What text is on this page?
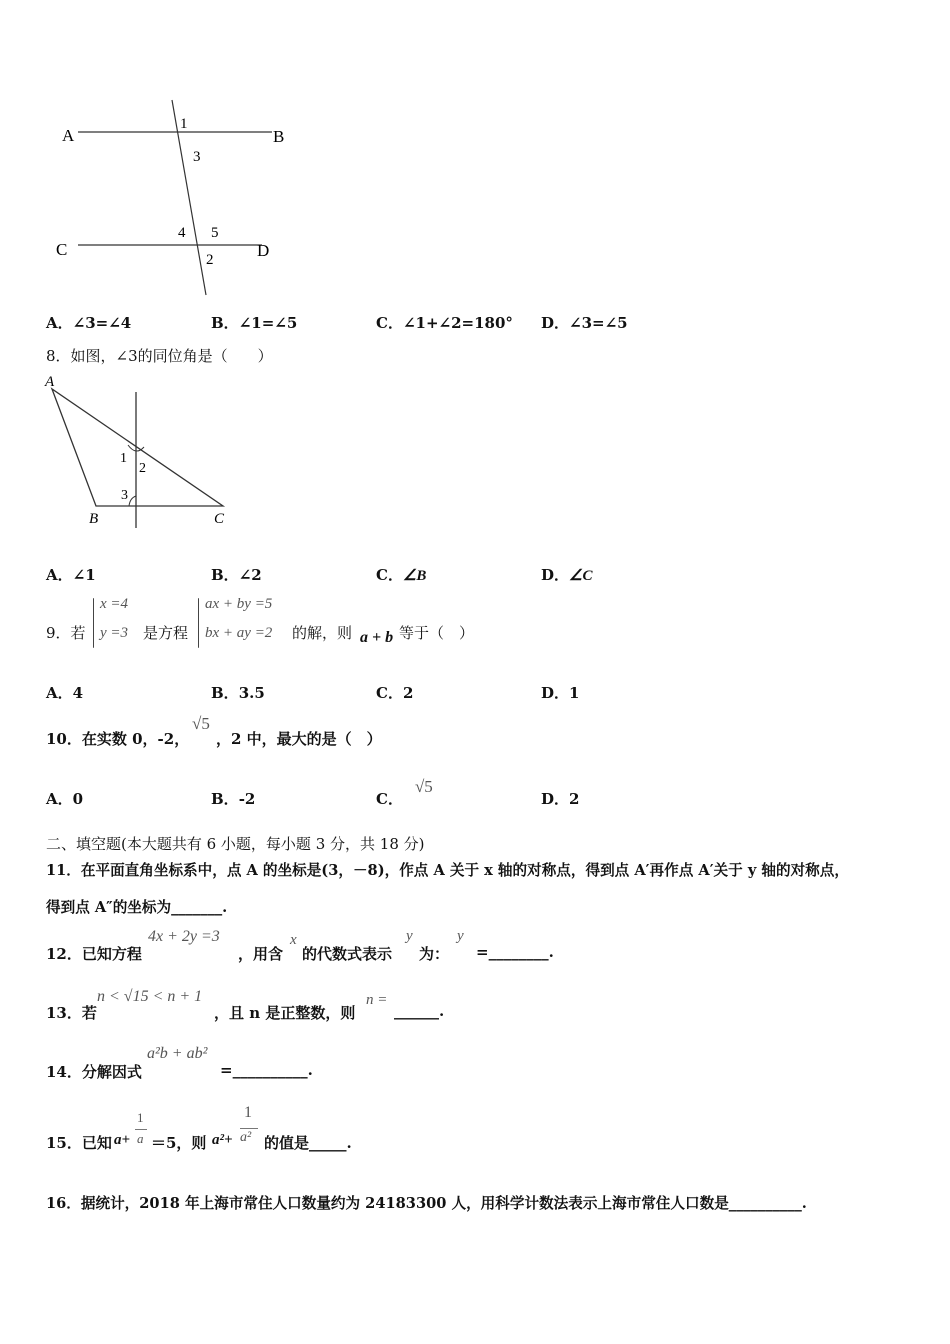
A	B
C	D
1
3
4 5
2
A．∠3=∠4	B．∠1=∠5	C．∠1+∠2=180° D．∠3=∠5
8．如图，∠3的同位角是（　　）
A
B	C
1
2
3
A．∠1	B．∠2	C．∠B	D．∠C
9．若
x =4
y =3 是方程
ax + by =5
bx + ay =2 的解，则 a + b 等于（　）
A．4	B．3.5	C．2	D．1
10．在实数 0，-2，
√5
，2 中，最大的是（　）
A．0	B．-2	C．√5
D．2
二、填空题(本大题共有 6 小题，每小题 3 分，共 18 分)
11．在平面直角坐标系中，点 A 的坐标是(3，－8)，作点 A 关于 x 轴的对称点，得到点 A′再作点 A′关于 y 轴的对称点，
得到点 A″的坐标为_______.
12．已知方程
4x + 2y =3
，用含
x
的代数式表示
y
为：
y
=________.
13．若
n < √15 < n + 1
，且 n 是正整数，则
n =
______.
14．分解因式
a²b + ab²
=__________.
15．已知 a+
1
a ＝5，则 a²+
1
a² 的值是_____.
16．据统计，2018 年上海市常住人口数量约为 24183300 人，用科学计数法表示上海市常住人口数是__________.
